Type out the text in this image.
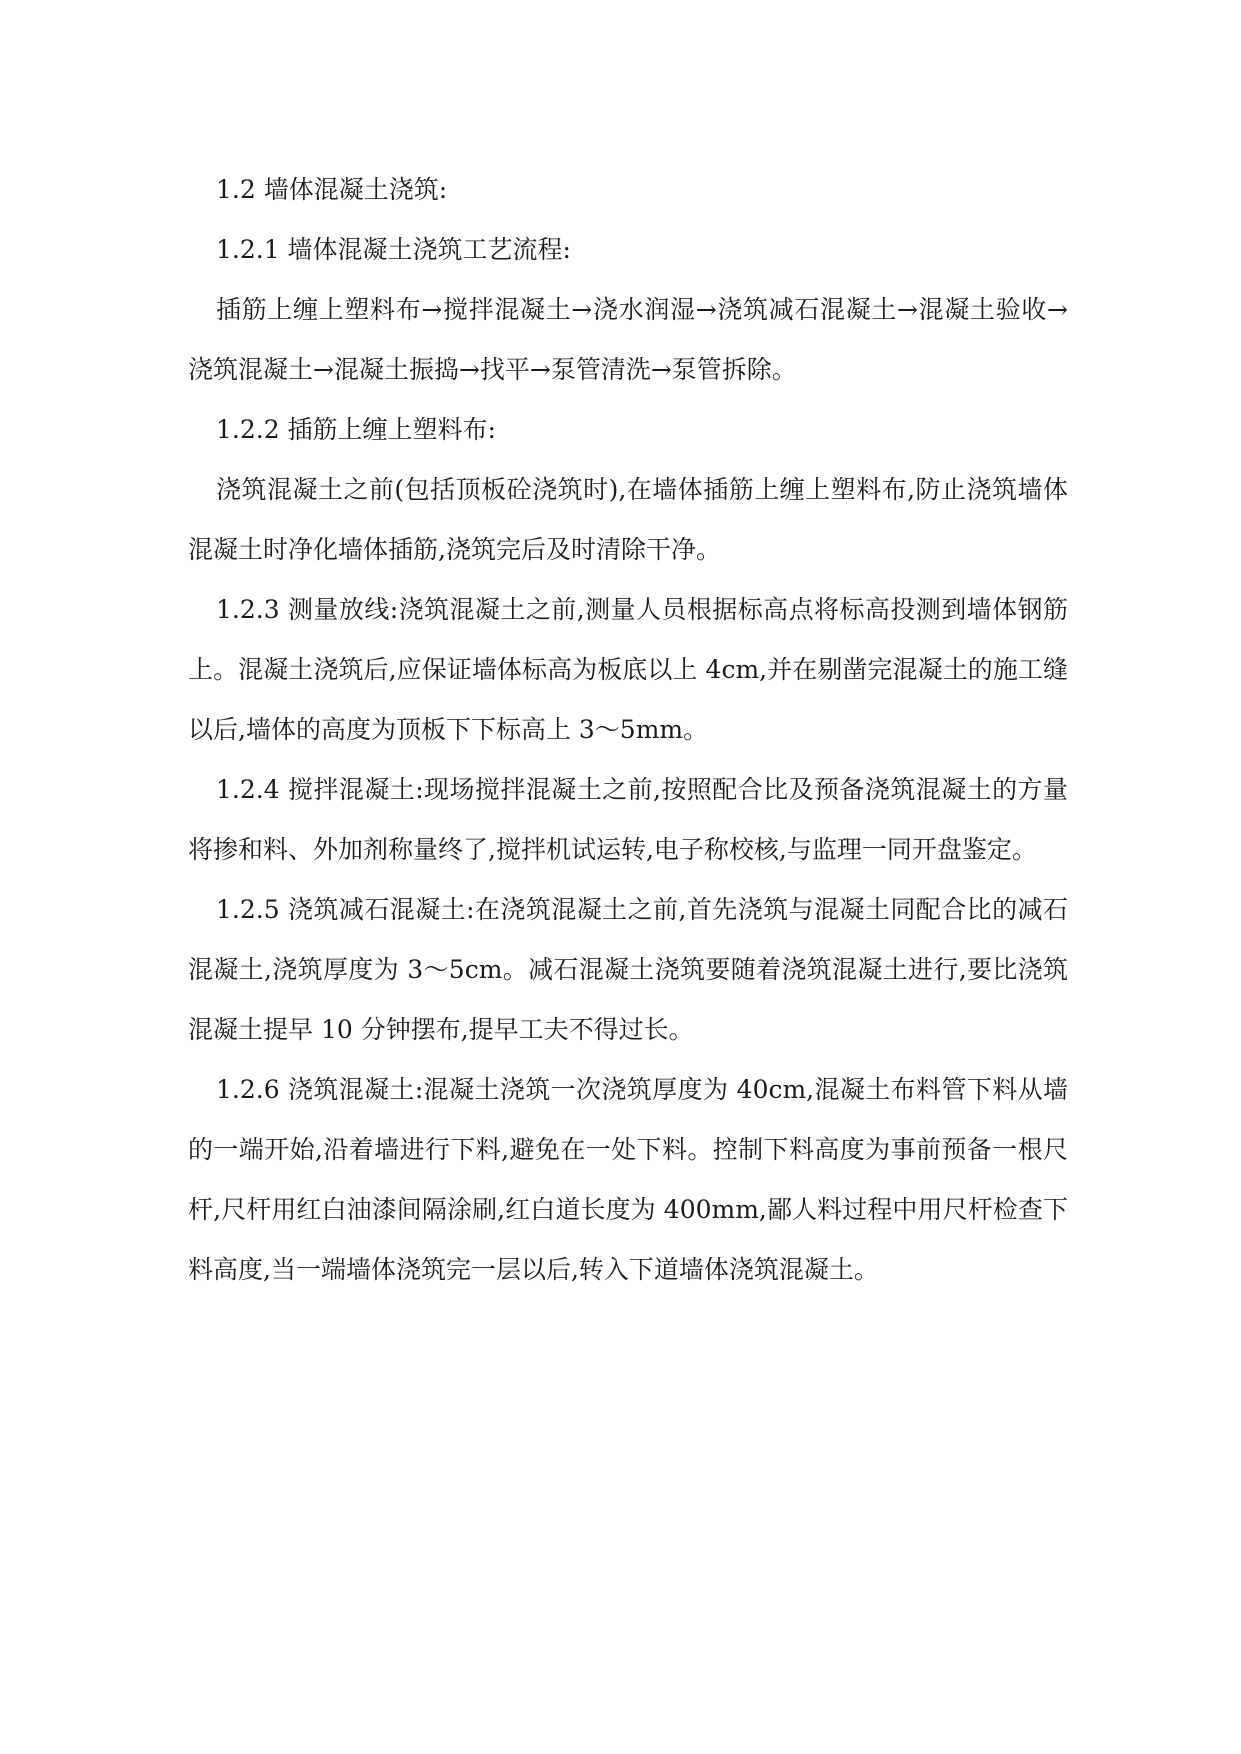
1.2 墙体混凝土浇筑:

1.2.1 墙体混凝土浇筑工艺流程:

插筋上缠上塑料布→搅拌混凝土→浇水润湿→浇筑减石混凝土→混凝土验收→浇筑混凝土→混凝土振捣→找平→泵管清洗→泵管拆除。

1.2.2 插筋上缠上塑料布:

浇筑混凝土之前(包括顶板砼浇筑时),在墙体插筋上缠上塑料布,防止浇筑墙体混凝土时净化墙体插筋,浇筑完后及时清除干净。

1.2.3 测量放线:浇筑混凝土之前,测量人员根据标高点将标高投测到墙体钢筋上。混凝土浇筑后,应保证墙体标高为板底以上 4cm,并在剔凿完混凝土的施工缝以后,墙体的高度为顶板下下标高上 3～5mm。

1.2.4 搅拌混凝土:现场搅拌混凝土之前,按照配合比及预备浇筑混凝土的方量将掺和料、外加剂称量终了,搅拌机试运转,电子称校核,与监理一同开盘鉴定。

1.2.5 浇筑减石混凝土:在浇筑混凝土之前,首先浇筑与混凝土同配合比的减石混凝土,浇筑厚度为 3～5cm。减石混凝土浇筑要随着浇筑混凝土进行,要比浇筑混凝土提早 10 分钟摆布,提早工夫不得过长。

1.2.6 浇筑混凝土:混凝土浇筑一次浇筑厚度为 40cm,混凝土布料管下料从墙的一端开始,沿着墙进行下料,避免在一处下料。控制下料高度为事前预备一根尺杆,尺杆用红白油漆间隔涂刷,红白道长度为 400mm,鄙人料过程中用尺杆检查下料高度,当一端墙体浇筑完一层以后,转入下道墙体浇筑混凝土。
